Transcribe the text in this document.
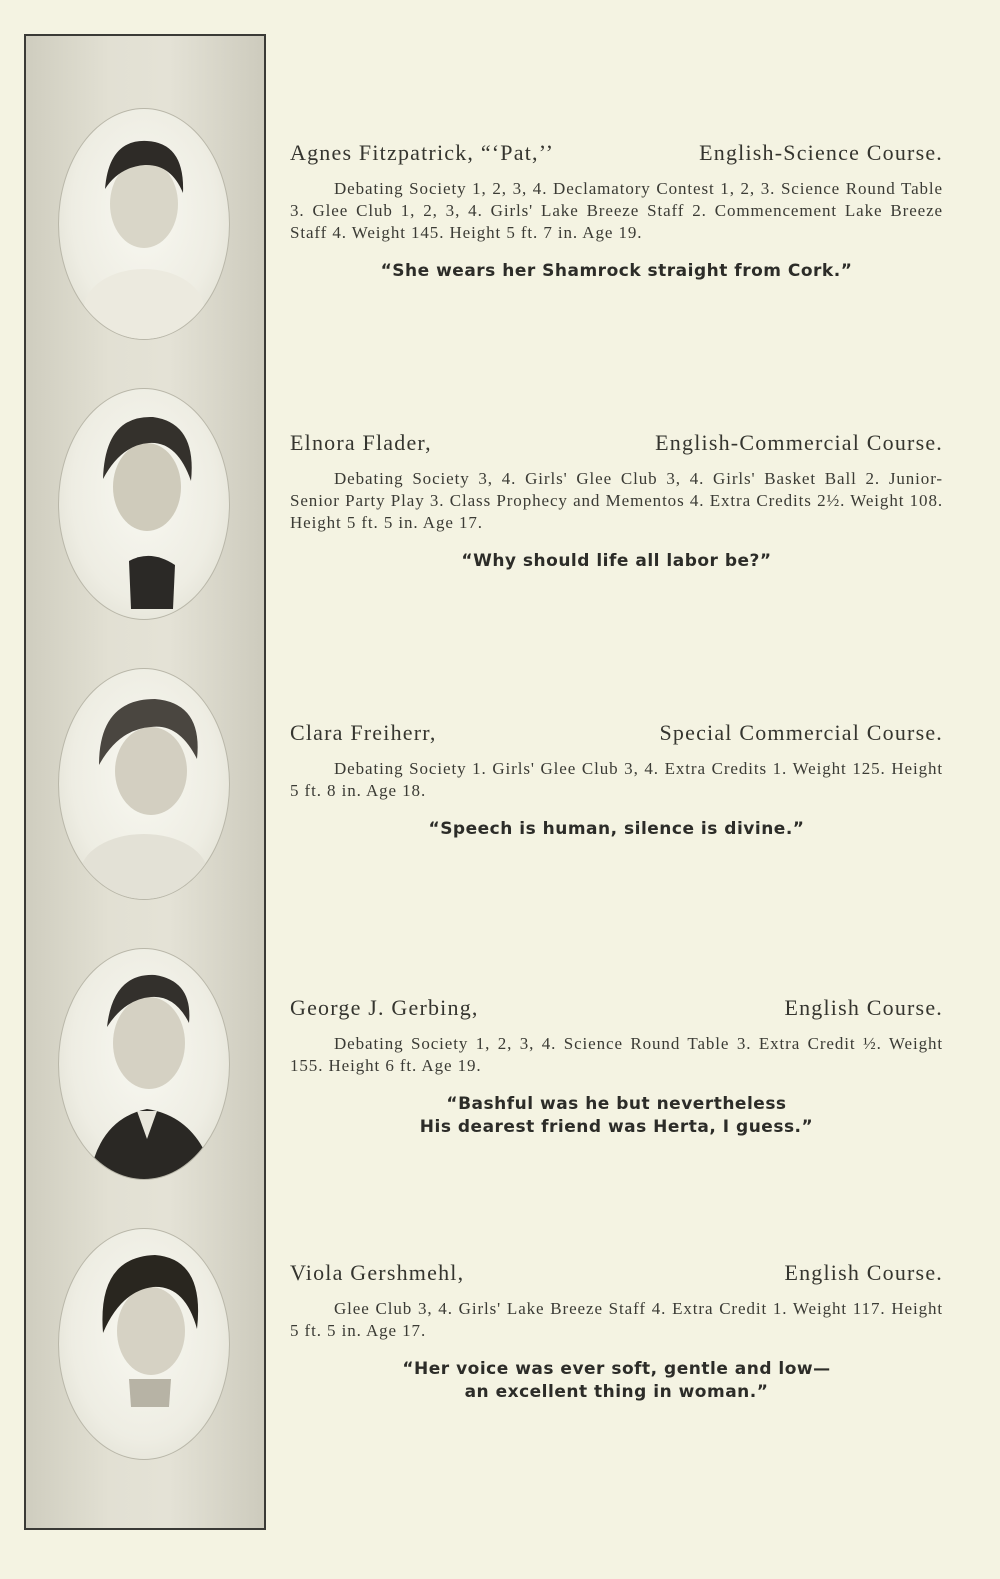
Agnes Fitzpatrick, “‘Pat,’’	English-Science Course.
Debating Society 1, 2, 3, 4. Declamatory Contest 1, 2, 3. Science Round Table 3. Glee Club 1, 2, 3, 4. Girls' Lake Breeze Staff 2. Commencement Lake Breeze Staff 4. Weight 145. Height 5 ft. 7 in. Age 19.
“She wears her Shamrock straight from Cork.”
Elnora Flader,	English-Commercial Course.
Debating Society 3, 4. Girls' Glee Club 3, 4. Girls' Basket Ball 2. Junior-Senior Party Play 3. Class Prophecy and Mementos 4. Extra Credits 2½. Weight 108. Height 5 ft. 5 in. Age 17.
“Why should life all labor be?”
Clara Freiherr,	Special Commercial Course.
Debating Society 1. Girls' Glee Club 3, 4. Extra Credits 1. Weight 125. Height 5 ft. 8 in. Age 18.
“Speech is human, silence is divine.”
George J. Gerbing,	English Course.
Debating Society 1, 2, 3, 4. Science Round Table 3. Extra Credit ½. Weight 155. Height 6 ft. Age 19.
“Bashful was he but nevertheless
His dearest friend was Herta, I guess.”
Viola Gershmehl,	English Course.
Glee Club 3, 4. Girls' Lake Breeze Staff 4. Extra Credit 1. Weight 117. Height 5 ft. 5 in. Age 17.
“Her voice was ever soft, gentle and low—
an excellent thing in woman.”
